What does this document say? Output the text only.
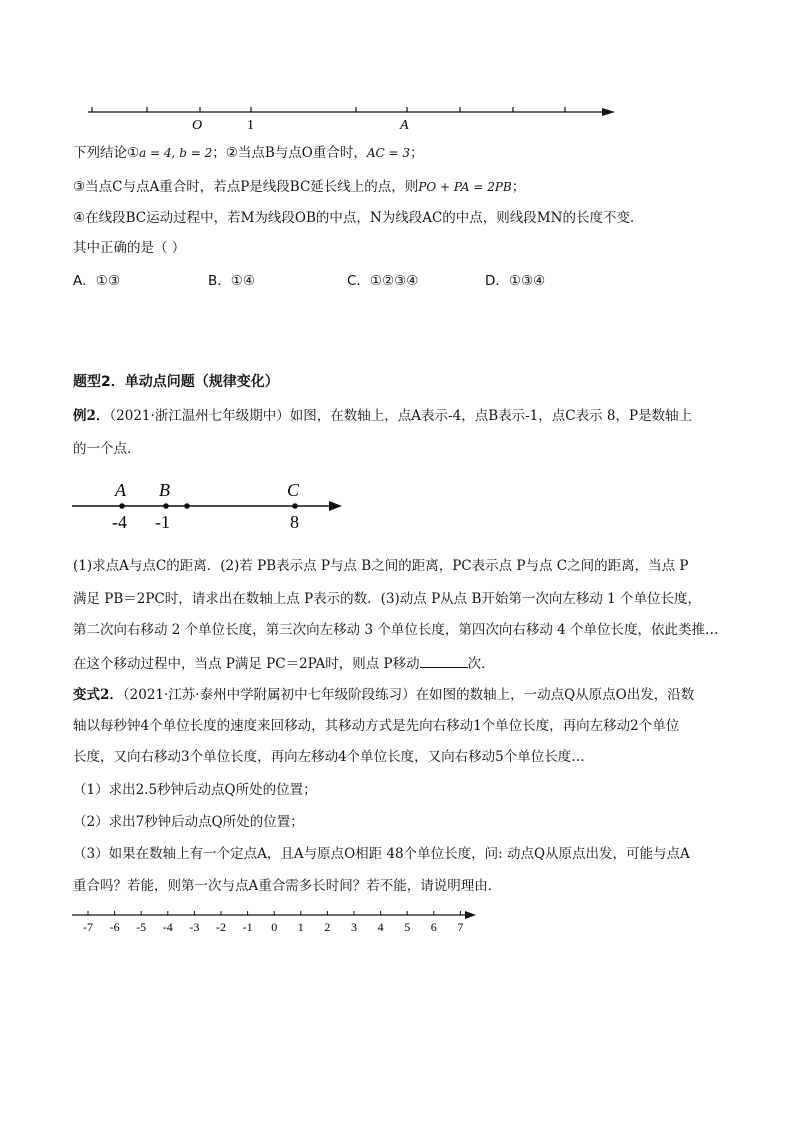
O	1	A
下列结论①a = 4, b = 2；②当点B与点O重合时，AC = 3；
③当点C与点A重合时，若点P是线段BC延长线上的点，则PO + PA = 2PB；
④在线段BC运动过程中，若M为线段OB的中点，N为线段AC的中点，则线段MN的长度不变．
其中正确的是（ ）
A．①③	B．①④	C．①②③④	D．①③④
题型2．单动点问题（规律变化）
例2．（2021·浙江温州七年级期中）如图，在数轴上，点A表示-4，点B表示-1，点C表示 8，P是数轴上
的一个点．
A B	C
-4 -1	8
(1)求点A与点C的距离．(2)若 PB表示点 P与点 B之间的距离，PC表示点 P与点 C之间的距离，当点 P
满足 PB＝2PC时，请求出在数轴上点 P表示的数．(3)动点 P从点 B开始第一次向左移动 1 个单位长度，
第二次向右移动 2 个单位长度，第三次向左移动 3 个单位长度，第四次向右移动 4 个单位长度，依此类推…
在这个移动过程中，当点 P满足 PC＝2PA时，则点 P移动	次．
变式2．（2021·江苏·泰州中学附属初中七年级阶段练习）在如图的数轴上，一动点Q从原点O出发，沿数
轴以每秒钟4个单位长度的速度来回移动，其移动方式是先向右移动1个单位长度，再向左移动2个单位
长度，又向右移动3个单位长度，再向左移动4个单位长度，又向右移动5个单位长度…
（1）求出2.5秒钟后动点Q所处的位置；
（2）求出7秒钟后动点Q所处的位置；
（3）如果在数轴上有一个定点A，且A与原点O相距 48个单位长度，问: 动点Q从原点出发，可能与点A
重合吗？若能，则第一次与点A重合需多长时间？若不能，请说明理由．
-7 -6 -5 -4 -3 -2 -1 0 1 2 3 4 5 6 7
